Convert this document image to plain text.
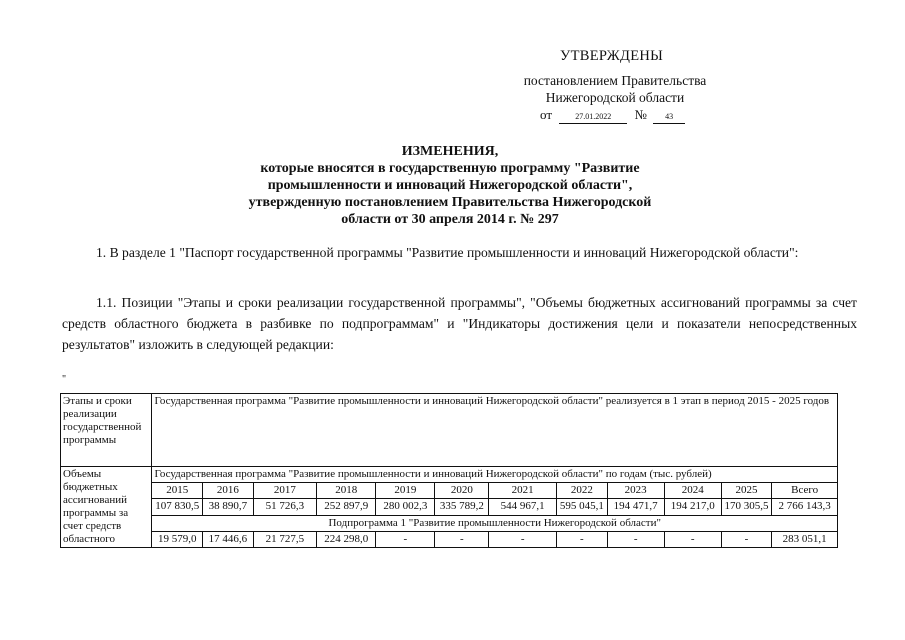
УТВЕРЖДЕНЫ
постановлением Правительства
Нижегородской области
от	27.01.2022 № 43
ИЗМЕНЕНИЯ,
которые вносятся в государственную программу "Развитие
промышленности и инноваций Нижегородской области",
утвержденную постановлением Правительства Нижегородской
области от 30 апреля 2014 г. № 297
1. В разделе 1 "Паспорт государственной программы "Развитие промышленности и инноваций Нижегородской области":
1.1. Позиции "Этапы и сроки реализации государственной программы", "Объемы бюджетных ассигнований программы за счет средств областного бюджета в разбивке по подпрограммам" и "Индикаторы достижения цели и показатели непосредственных результатов" изложить в следующей редакции:
"
Этапы и сроки реализации государственной программы	Государственная программа "Развитие промышленности и инноваций Нижегородской области" реализуется в 1 этап в период 2015 - 2025 годов											
Объемы бюджетных ассигнований программы за счет средств областного	Государственная программа "Развитие промышленности и инноваций Нижегородской области" по годам (тыс. рублей)											
	2015	2016	2017	2018	2019	2020	2021	2022	2023	2024	2025	Всего
	107 830,5	38 890,7	51 726,3	252 897,9	280 002,3	335 789,2	544 967,1	595 045,1	194 471,7	194 217,0	170 305,5	2 766 143,3
	Подпрограмма 1 "Развитие промышленности Нижегородской области"											
	19 579,0	17 446,6	21 727,5	224 298,0	-	-	-	-	-	-	-	283 051,1
